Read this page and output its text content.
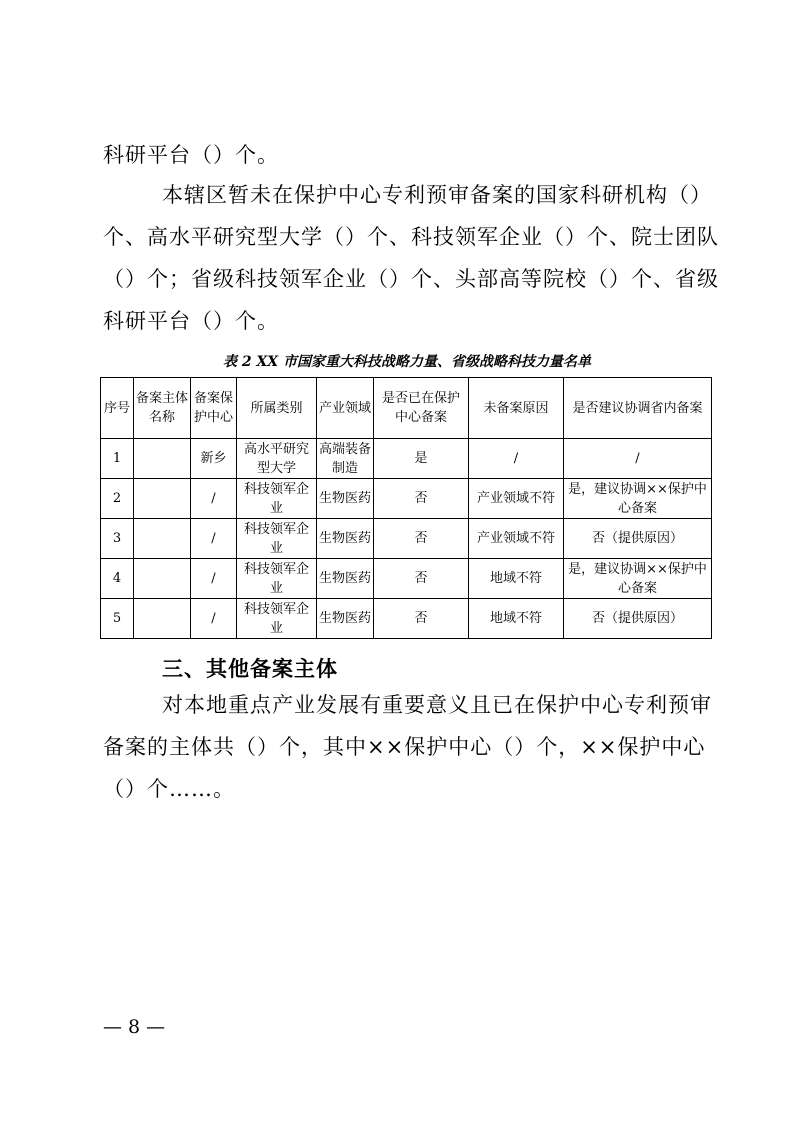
科研平台（）个。

本辖区暂未在保护中心专利预审备案的国家科研机构（）

个、高水平研究型大学（）个、科技领军企业（）个、院士团队

（）个；省级科技领军企业（）个、头部高等院校（）个、省级

科研平台（）个。

表 2 XX 市国家重大科技战略力量、省级战略科技力量名单

序号	备案主体名称	备案保护中心	所属类别	产业领域	是否已在保护中心备案	未备案原因	是否建议协调省内备案
1		新乡	高水平研究型大学	高端装备制造	是	/	/
2		/	科技领军企业	生物医药	否	产业领域不符	是，建议协调××保护中心备案
3		/	科技领军企业	生物医药	否	产业领域不符	否（提供原因）
4		/	科技领军企业	生物医药	否	地域不符	是，建议协调××保护中心备案
5		/	科技领军企业	生物医药	否	地域不符	否（提供原因）
三、其他备案主体

对本地重点产业发展有重要意义且已在保护中心专利预审

备案的主体共（）个，其中××保护中心（）个，××保护中心

（）个……。

— 8 —
